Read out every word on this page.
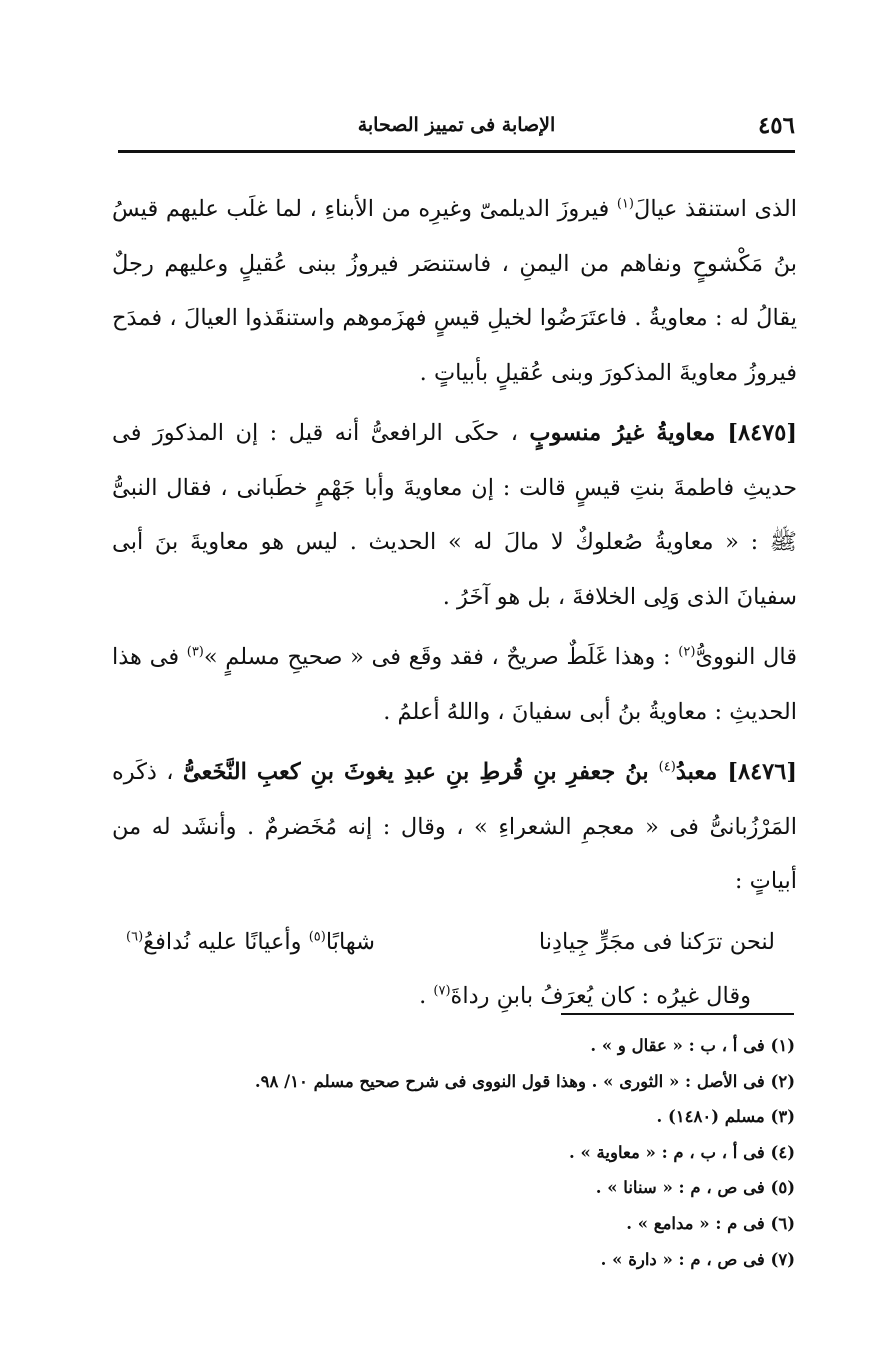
٤٥٦
الإصابة فى تمييز الصحابة

الذى استنقذ عيالَ$^{(١)}$ فيروزَ الديلمىّ وغيرِه من الأبناءِ ، لما غلَب عليهم قيسُ بنُ مَكْشوحٍ ونفاهم من اليمنِ ، فاستنصَر فيروزُ ببنى عُقيلٍ وعليهم رجلٌ يقالُ له : معاويةُ . فاعتَرَضُوا لخيلِ قيسٍ فهزَموهم واستنقَذوا العيالَ ، فمدَح فيروزُ معاويةَ المذكورَ وبنى عُقيلٍ بأبياتٍ .

[٨٤٧٥] معاويةُ غيرُ منسوبٍ ، حكَى الرافعىُّ أنه قيل : إن المذكورَ فى حديثِ فاطمةَ بنتِ قيسٍ قالت : إن معاويةَ وأبا جَهْمٍ خطَبانى ، فقال النبىُّ ﷺ : « معاويةُ صُعلوكٌ لا مالَ له » الحديث . ليس هو معاويةَ بنَ أبى سفيانَ الذى وَلِى الخلافةَ ، بل هو آخَرُ .

قال النووىُّ$^{(٢)}$ : وهذا غَلَطٌ صريحٌ ، فقد وقَع فى « صحيحِ مسلمٍ »$^{(٣)}$ فى هذا الحديثِ : معاويةُ بنُ أبى سفيانَ ، واللهُ أعلمُ .

[٨٤٧٦] معبدُ$^{(٤)}$ بنُ جعفرِ بنِ قُرطِ بنِ عبدِ يغوثَ بنِ كعبِ النَّخَعىُّ ، ذكَره المَرْزُبانىُّ فى « معجمِ الشعراءِ » ، وقال : إنه مُخَضرمٌ . وأنشَد له من أبياتٍ :

لنحن ترَكنا فى مجَرٍّ جِيادِنا
شهابًا$^{(٥)}$ وأعيانًا عليه نُدافعُ$^{(٦)}$
وقال غيرُه : كان يُعرَفُ بابنِ رداةَ$^{(٧)}$ .
(١) فى أ ، ب : « عقال و » .
(٢) فى الأصل : « الثورى » . وهذا قول النووى فى شرح صحيح مسلم ١٠/ ٩٨.
(٣) مسلم (١٤٨٠) .
(٤) فى أ ، ب ، م : « معاوية » .
(٥) فى ص ، م : « سنانا » .
(٦) فى م : « مدامع » .
(٧) فى ص ، م : « دارة » .
